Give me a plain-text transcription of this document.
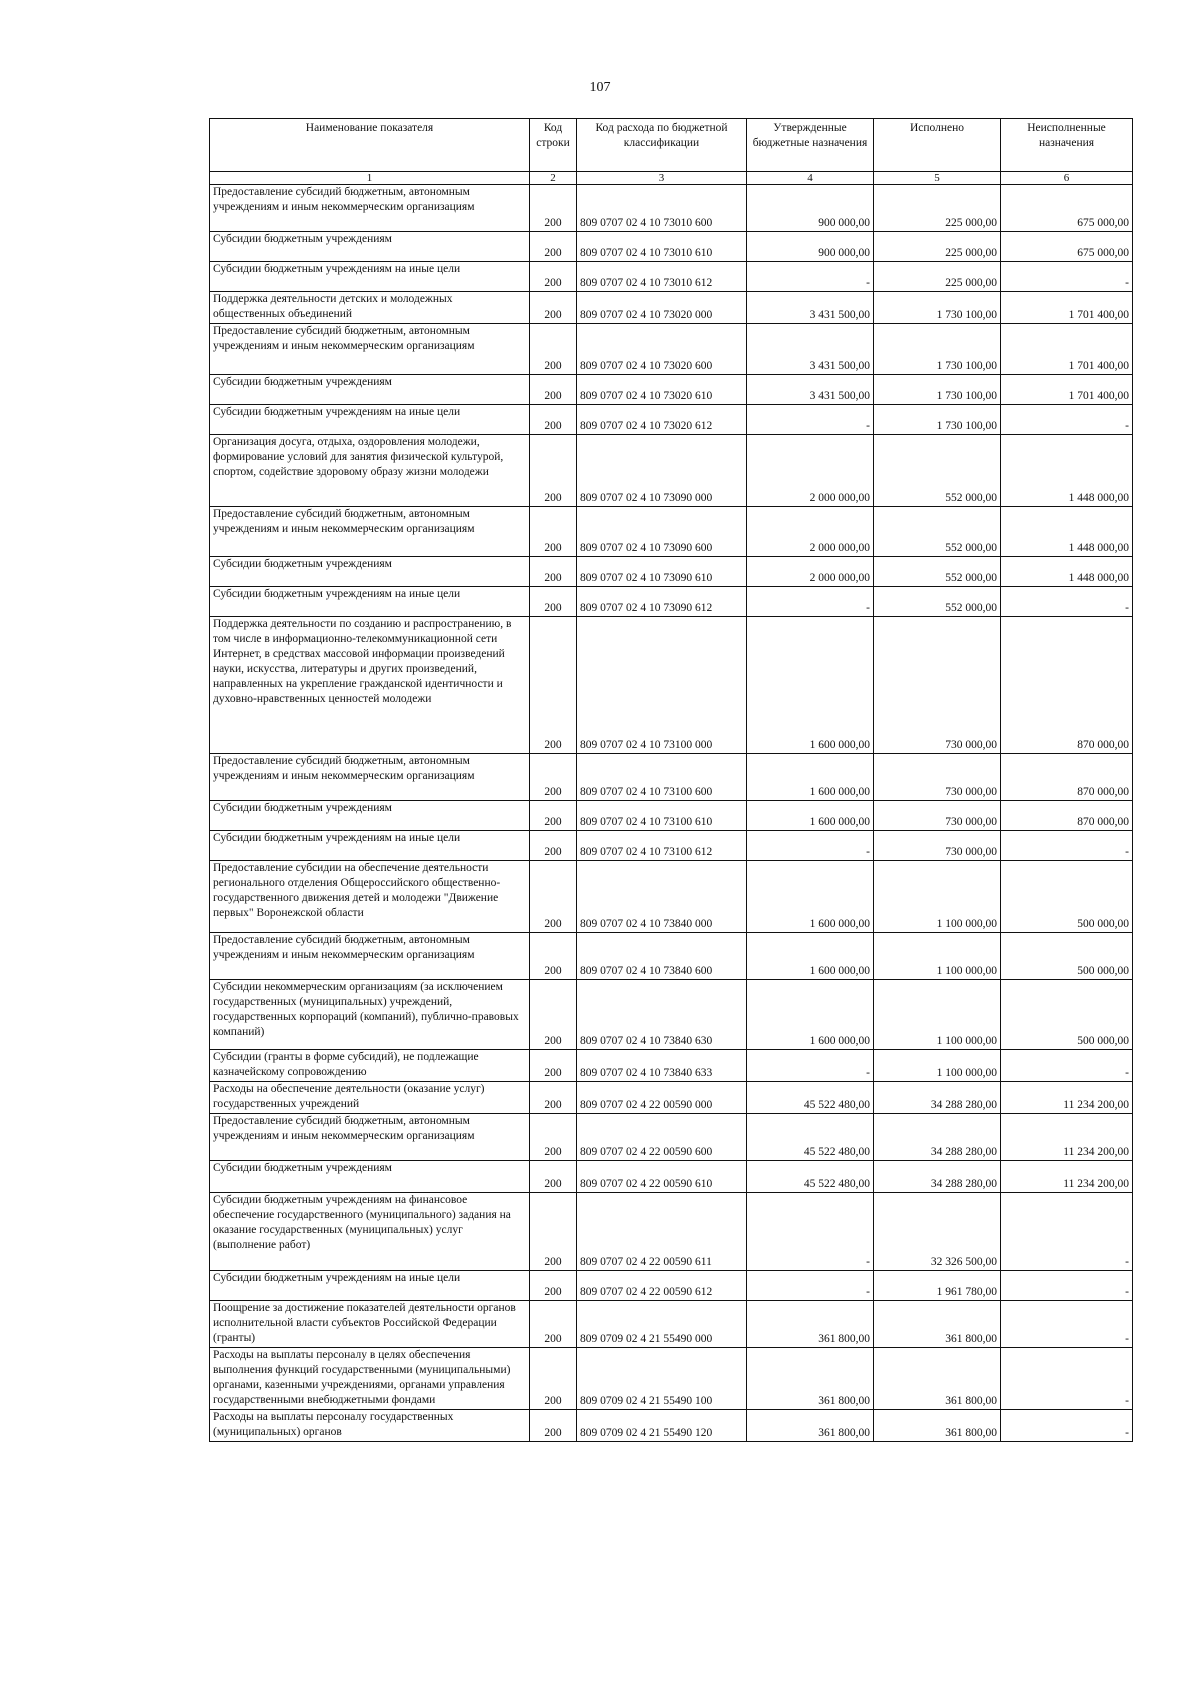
107
Наименование показателя	Код строки	Код расхода по бюджетной классификации	Утвержденные бюджетные назначения	Исполнено	Неисполненные назначения
1	2	3	4	5	6
Предоставление субсидий бюджетным, автономным учреждениям и иным некоммерческим организациям	200	809 0707 02 4 10 73010 600	900 000,00	225 000,00	675 000,00
Субсидии бюджетным учреждениям	200	809 0707 02 4 10 73010 610	900 000,00	225 000,00	675 000,00
Субсидии бюджетным учреждениям на иные цели	200	809 0707 02 4 10 73010 612	-	225 000,00	-
Поддержка деятельности детских и молодежных общественных объединений	200	809 0707 02 4 10 73020 000	3 431 500,00	1 730 100,00	1 701 400,00
Предоставление субсидий бюджетным, автономным учреждениям и иным некоммерческим организациям	200	809 0707 02 4 10 73020 600	3 431 500,00	1 730 100,00	1 701 400,00
Субсидии бюджетным учреждениям	200	809 0707 02 4 10 73020 610	3 431 500,00	1 730 100,00	1 701 400,00
Субсидии бюджетным учреждениям на иные цели	200	809 0707 02 4 10 73020 612	-	1 730 100,00	-
Организация досуга, отдыха, оздоровления молодежи, формирование условий для занятия физической культурой, спортом, содействие здоровому образу жизни молодежи	200	809 0707 02 4 10 73090 000	2 000 000,00	552 000,00	1 448 000,00
Предоставление субсидий бюджетным, автономным учреждениям и иным некоммерческим организациям	200	809 0707 02 4 10 73090 600	2 000 000,00	552 000,00	1 448 000,00
Субсидии бюджетным учреждениям	200	809 0707 02 4 10 73090 610	2 000 000,00	552 000,00	1 448 000,00
Субсидии бюджетным учреждениям на иные цели	200	809 0707 02 4 10 73090 612	-	552 000,00	-
Поддержка деятельности по созданию и распространению, в том числе в информационно-телекоммуникационной сети Интернет, в средствах массовой информации произведений науки, искусства, литературы и других произведений, направленных на укрепление гражданской идентичности и духовно-нравственных ценностей молодежи	200	809 0707 02 4 10 73100 000	1 600 000,00	730 000,00	870 000,00
Предоставление субсидий бюджетным, автономным учреждениям и иным некоммерческим организациям	200	809 0707 02 4 10 73100 600	1 600 000,00	730 000,00	870 000,00
Субсидии бюджетным учреждениям	200	809 0707 02 4 10 73100 610	1 600 000,00	730 000,00	870 000,00
Субсидии бюджетным учреждениям на иные цели	200	809 0707 02 4 10 73100 612	-	730 000,00	-
Предоставление субсидии на обеспечение деятельности регионального отделения Общероссийского общественно-государственного движения детей и молодежи "Движение первых" Воронежской области	200	809 0707 02 4 10 73840 000	1 600 000,00	1 100 000,00	500 000,00
Предоставление субсидий бюджетным, автономным учреждениям и иным некоммерческим организациям	200	809 0707 02 4 10 73840 600	1 600 000,00	1 100 000,00	500 000,00
Субсидии некоммерческим организациям (за исключением государственных (муниципальных) учреждений, государственных корпораций (компаний), публично-правовых компаний)	200	809 0707 02 4 10 73840 630	1 600 000,00	1 100 000,00	500 000,00
Субсидии (гранты в форме субсидий), не подлежащие казначейскому сопровождению	200	809 0707 02 4 10 73840 633	-	1 100 000,00	-
Расходы на обеспечение деятельности (оказание услуг) государственных учреждений	200	809 0707 02 4 22 00590 000	45 522 480,00	34 288 280,00	11 234 200,00
Предоставление субсидий бюджетным, автономным учреждениям и иным некоммерческим организациям	200	809 0707 02 4 22 00590 600	45 522 480,00	34 288 280,00	11 234 200,00
Субсидии бюджетным учреждениям	200	809 0707 02 4 22 00590 610	45 522 480,00	34 288 280,00	11 234 200,00
Субсидии бюджетным учреждениям на финансовое обеспечение государственного (муниципального) задания на оказание государственных (муниципальных) услуг (выполнение работ)	200	809 0707 02 4 22 00590 611	-	32 326 500,00	-
Субсидии бюджетным учреждениям на иные цели	200	809 0707 02 4 22 00590 612	-	1 961 780,00	-
Поощрение за достижение показателей деятельности органов исполнительной власти субъектов Российской Федерации (гранты)	200	809 0709 02 4 21 55490 000	361 800,00	361 800,00	-
Расходы на выплаты персоналу в целях обеспечения выполнения функций государственными (муниципальными) органами, казенными учреждениями, органами управления государственными внебюджетными фондами	200	809 0709 02 4 21 55490 100	361 800,00	361 800,00	-
Расходы на выплаты персоналу государственных (муниципальных) органов	200	809 0709 02 4 21 55490 120	361 800,00	361 800,00	-
